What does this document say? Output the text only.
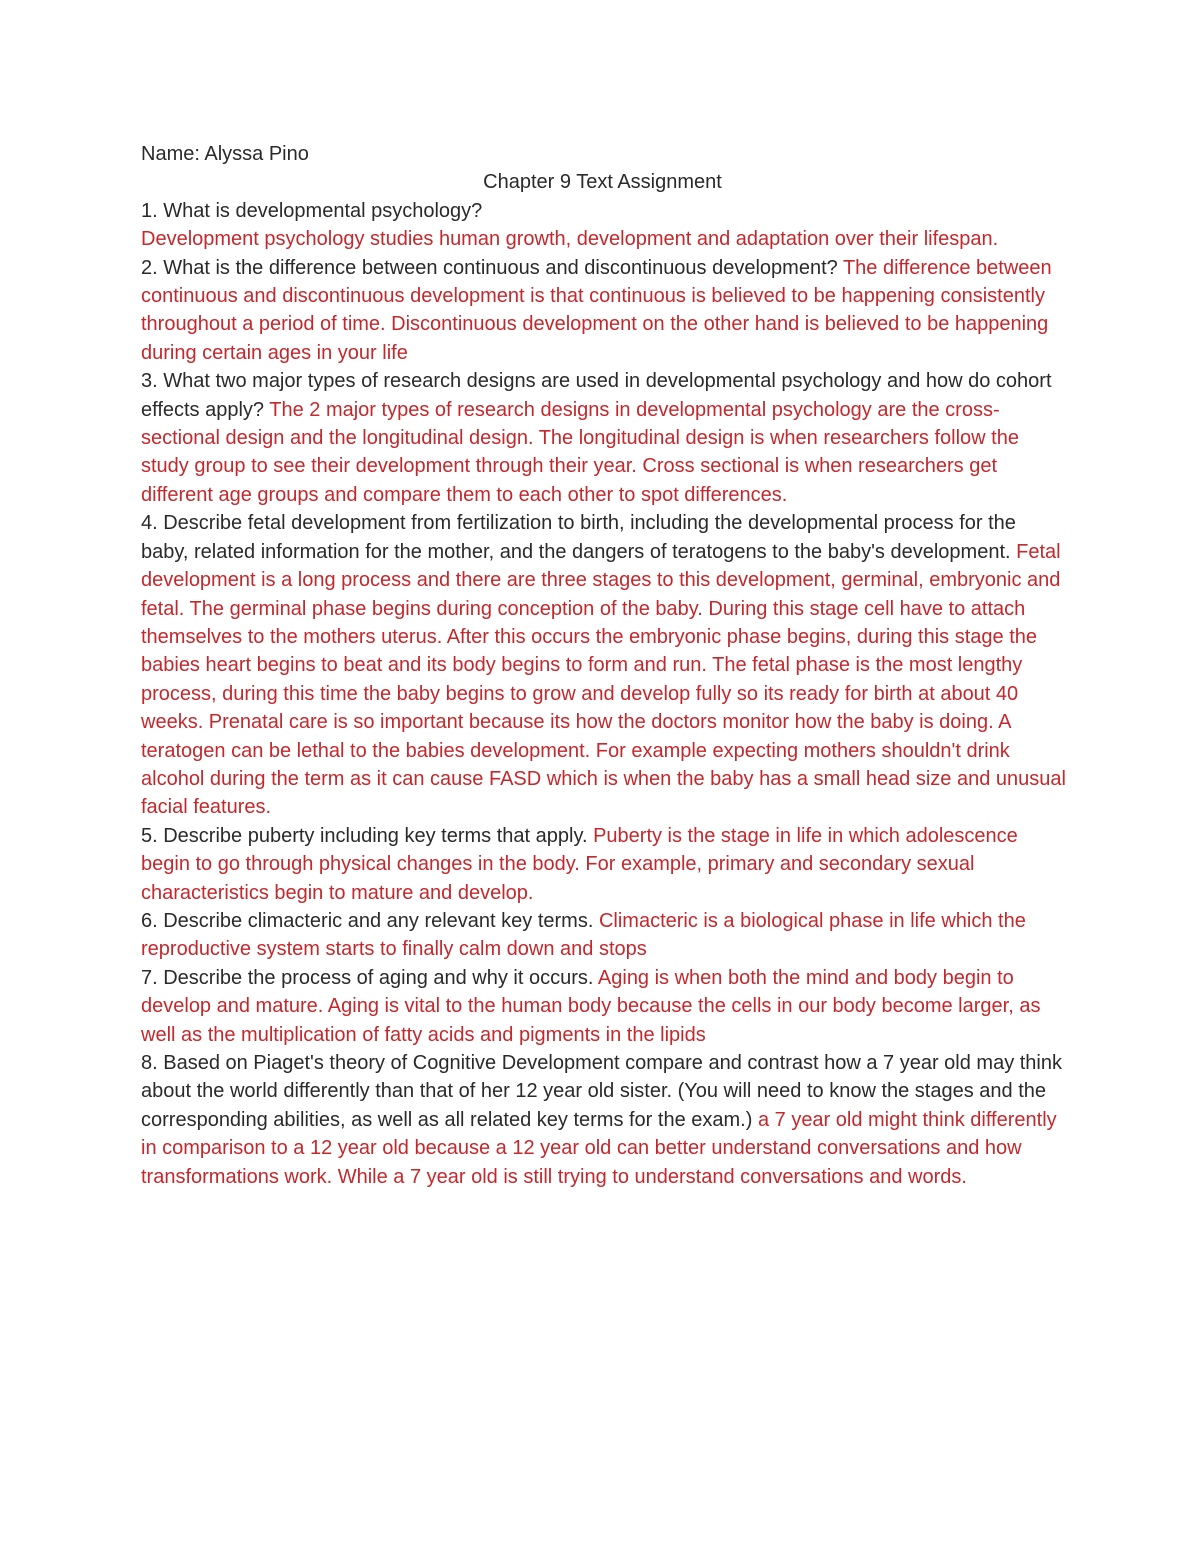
Name: Alyssa Pino

Chapter 9 Text Assignment

1. What is developmental psychology?
Development psychology studies human growth, development and adaptation over their lifespan.

2. What is the difference between continuous and discontinuous development? The difference between continuous and discontinuous development is that continuous is believed to be happening consistently throughout a period of time. Discontinuous development on the other hand is believed to be happening during certain ages in your life

3. What two major types of research designs are used in developmental psychology and how do cohort effects apply? The 2 major types of research designs in developmental psychology are the cross-sectional design and the longitudinal design. The longitudinal design is when researchers follow the study group to see their development through their year. Cross sectional is when researchers get different age groups and compare them to each other to spot differences.

4. Describe fetal development from fertilization to birth, including the developmental process for the baby, related information for the mother, and the dangers of teratogens to the baby's development. Fetal development is a long process and there are three stages to this development, germinal, embryonic and fetal. The germinal phase begins during conception of the baby. During this stage cell have to attach themselves to the mothers uterus. After this occurs the embryonic phase begins, during this stage the babies heart begins to beat and its body begins to form and run. The fetal phase is the most lengthy process, during this time the baby begins to grow and develop fully so its ready for birth at about 40 weeks. Prenatal care is so important because its how the doctors monitor how the baby is doing. A teratogen can be lethal to the babies development. For example expecting mothers shouldn't drink alcohol during the term as it can cause FASD which is when the baby has a small head size and unusual facial features.

5. Describe puberty including key terms that apply. Puberty is the stage in life in which adolescence begin to go through physical changes in the body. For example, primary and secondary sexual characteristics begin to mature and develop.

6. Describe climacteric and any relevant key terms. Climacteric is a biological phase in life which the reproductive system starts to finally calm down and stops

7. Describe the process of aging and why it occurs. Aging is when both the mind and body begin to develop and mature. Aging is vital to the human body because the cells in our body become larger, as well as the multiplication of fatty acids and pigments in the lipids

8. Based on Piaget's theory of Cognitive Development compare and contrast how a 7 year old may think about the world differently than that of her 12 year old sister. (You will need to know the stages and the corresponding abilities, as well as all related key terms for the exam.) a 7 year old might think differently in comparison to a 12 year old because a 12 year old can better understand conversations and how transformations work. While a 7 year old is still trying to understand conversations and words.
